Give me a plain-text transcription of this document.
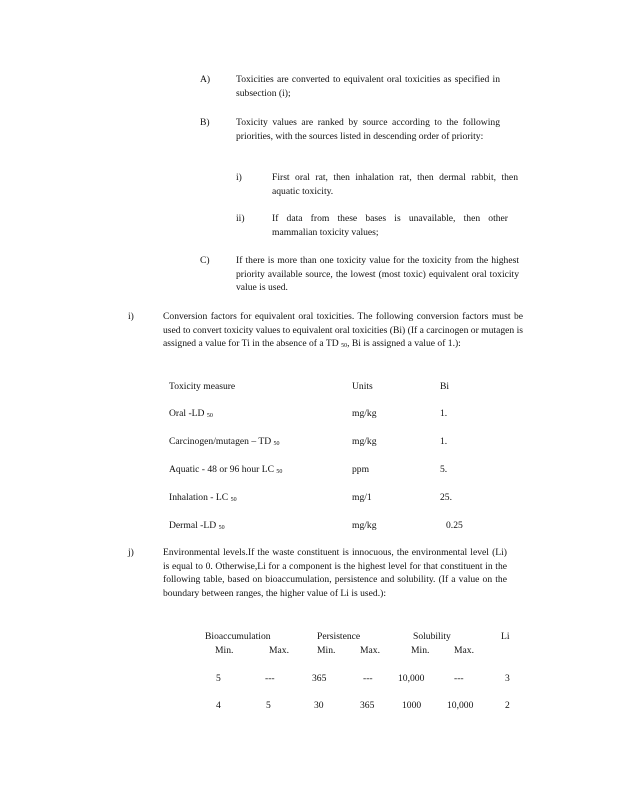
A)	Toxicities are converted to equivalent oral toxicities as specified in subsection (i);
B)	Toxicity values are ranked by source according to the following priorities, with the sources listed in descending order of priority:
i)	First oral rat, then inhalation rat, then dermal rabbit, then aquatic toxicity.
ii)	If data from these bases is unavailable, then other mammalian toxicity values;
C)	If there is more than one toxicity value for the toxicity from the highest priority available source, the lowest (most toxic) equivalent oral toxicity value is used.
i)	Conversion factors for equivalent oral toxicities. The following conversion factors must be used to convert toxicity values to equivalent oral toxicities (Bi) (If a carcinogen or mutagen is assigned a value for Ti in the absence of a TD 50, Bi is assigned a value of 1.):
Toxicity measure	Units	Bi
Oral -LD 50	mg/kg	1.
Carcinogen/mutagen – TD 50	mg/kg	1.
Aquatic - 48 or 96 hour LC 50	ppm	5.
Inhalation - LC 50	mg/1	25.
Dermal -LD 50	mg/kg	0.25
j)	Environmental levels.If the waste constituent is innocuous, the environmental level (Li) is equal to 0. Otherwise,Li for a component is the highest level for that constituent in the following table, based on bioaccumulation, persistence and solubility. (If a value on the boundary between ranges, the higher value of Li is used.):
Bioaccumulation	Persistence	Solubility	Li
Min.	Max.	Min.	Max.	Min.	Max.
5	---	365	---	10,000	---	3
4	5	30	365	1000	10,000	2
